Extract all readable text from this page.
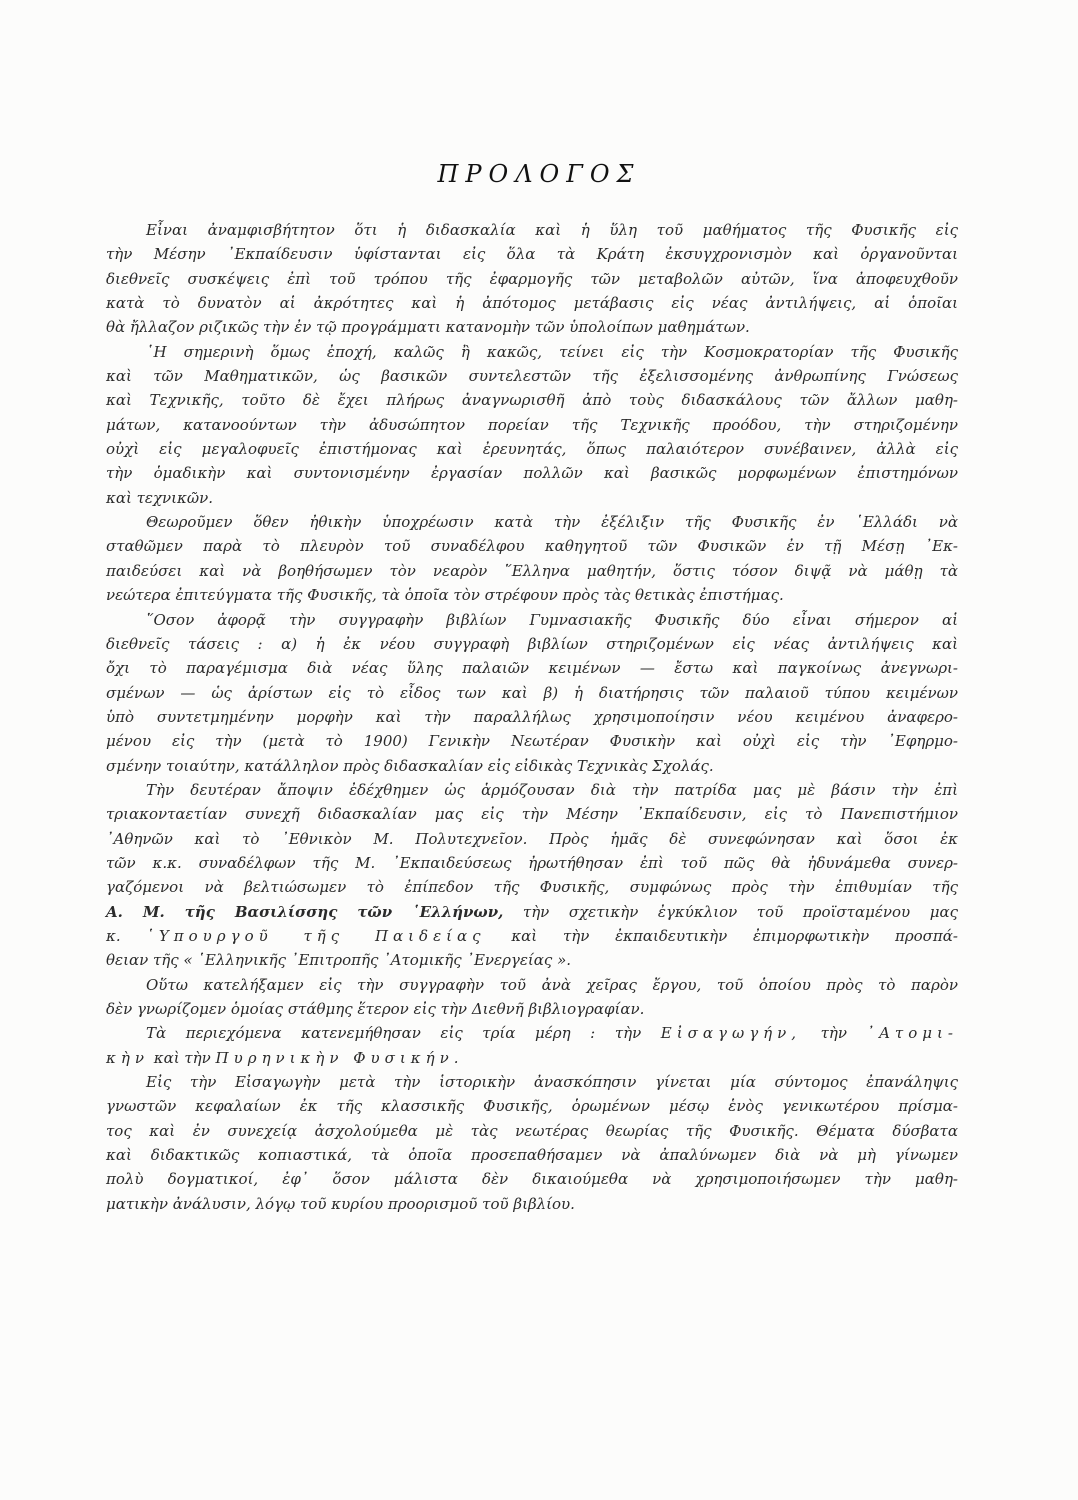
ΠΡΟΛΟΓΟΣ
Εἶναι ἀναμφισβήτητον ὅτι ἡ διδασκαλία καὶ ἡ ὕλη τοῦ μαθήματος τῆς Φυσικῆς εἰς
τὴν Μέσην ᾿Εκπαίδευσιν ὑφίστανται εἰς ὅλα τὰ Κράτη ἐκσυγχρονισμὸν καὶ ὀργανοῦνται
διεθνεῖς συσκέψεις ἐπὶ τοῦ τρόπου τῆς ἐφαρμογῆς τῶν μεταβολῶν αὐτῶν, ἵνα ἀποφευχθοῦν
κατὰ τὸ δυνατὸν αἱ ἀκρότητες καὶ ἡ ἀπότομος μετάβασις εἰς νέας ἀντιλήψεις, αἱ ὁποῖαι
θὰ ἤλλαζον ριζικῶς τὴν ἐν τῷ προγράμματι κατανομὴν τῶν ὑπολοίπων μαθημάτων.
῾Η σημερινὴ ὅμως ἐποχή, καλῶς ἢ κακῶς, τείνει εἰς τὴν Κοσμοκρατορίαν τῆς Φυσικῆς
καὶ τῶν Μαθηματικῶν, ὡς βασικῶν συντελεστῶν τῆς ἐξελισσομένης ἀνθρωπίνης Γνώσεως
καὶ Τεχνικῆς, τοῦτο δὲ ἔχει πλήρως ἀναγνωρισθῆ ἀπὸ τοὺς διδασκάλους τῶν ἄλλων μαθη-
μάτων, κατανοούντων τὴν ἀδυσώπητον πορείαν τῆς Τεχνικῆς προόδου, τὴν στηριζομένην
οὐχὶ εἰς μεγαλοφυεῖς ἐπιστήμονας καὶ ἐρευνητάς, ὅπως παλαιότερον συνέβαινεν, ἀλλὰ εἰς
τὴν ὁμαδικὴν καὶ συντονισμένην ἐργασίαν πολλῶν καὶ βασικῶς μορφωμένων ἐπιστημόνων
καὶ τεχνικῶν.
Θεωροῦμεν ὅθεν ἠθικὴν ὑποχρέωσιν κατὰ τὴν ἐξέλιξιν τῆς Φυσικῆς ἐν ῾Ελλάδι νὰ
σταθῶμεν παρὰ τὸ πλευρὸν τοῦ συναδέλφου καθηγητοῦ τῶν Φυσικῶν ἐν τῇ Μέσῃ ᾿Εκ-
παιδεύσει καὶ νὰ βοηθήσωμεν τὸν νεαρὸν ῞Ελληνα μαθητήν, ὅστις τόσον διψᾷ νὰ μάθῃ τὰ
νεώτερα ἐπιτεύγματα τῆς Φυσικῆς, τὰ ὁποῖα τὸν στρέφουν πρὸς τὰς θετικὰς ἐπιστήμας.
῞Οσον ἀφορᾷ τὴν συγγραφὴν βιβλίων Γυμνασιακῆς Φυσικῆς δύο εἶναι σήμερον αἱ
διεθνεῖς τάσεις : α) ἡ ἐκ νέου συγγραφὴ βιβλίων στηριζομένων εἰς νέας ἀντιλήψεις καὶ
ὄχι τὸ παραγέμισμα διὰ νέας ὕλης παλαιῶν κειμένων — ἔστω καὶ παγκοίνως ἀνεγνωρι-
σμένων — ὡς ἀρίστων εἰς τὸ εἶδος των καὶ β) ἡ διατήρησις τῶν παλαιοῦ τύπου κειμένων
ὑπὸ συντετμημένην μορφὴν καὶ τὴν παραλλήλως χρησιμοποίησιν νέου κειμένου ἀναφερο-
μένου εἰς τὴν (μετὰ τὸ 1900) Γενικὴν Νεωτέραν Φυσικὴν καὶ οὐχὶ εἰς τὴν ᾿Εφηρμο-
σμένην τοιαύτην, κατάλληλον πρὸς διδασκαλίαν εἰς εἰδικὰς Τεχνικὰς Σχολάς.
Τὴν δευτέραν ἄποψιν ἐδέχθημεν ὡς ἁρμόζουσαν διὰ τὴν πατρίδα μας μὲ βάσιν τὴν ἐπὶ
τριακονταετίαν συνεχῆ διδασκαλίαν μας εἰς τὴν Μέσην ᾿Εκπαίδευσιν, εἰς τὸ Πανεπιστήμιον
᾿Αθηνῶν καὶ τὸ ᾿Εθνικὸν Μ. Πολυτεχνεῖον. Πρὸς ἡμᾶς δὲ συνεφώνησαν καὶ ὅσοι ἐκ
τῶν κ.κ. συναδέλφων τῆς Μ. ᾿Εκπαιδεύσεως ἠρωτήθησαν ἐπὶ τοῦ πῶς θὰ ἠδυνάμεθα συνερ-
γαζόμενοι νὰ βελτιώσωμεν τὸ ἐπίπεδον τῆς Φυσικῆς, συμφώνως πρὸς τὴν ἐπιθυμίαν τῆς
Α. Μ. τῆς Βασιλίσσης τῶν ῾Ελλήνων, τὴν σχετικὴν ἐγκύκλιον τοῦ προϊσταμένου μας
κ. ῾Υπουργοῦ τῆς Παιδείας καὶ τὴν ἐκπαιδευτικὴν ἐπιμορφωτικὴν προσπά-
θειαν τῆς « ῾Ελληνικῆς ᾿Επιτροπῆς ᾿Ατομικῆς ᾿Ενεργείας ».
Οὕτω κατελήξαμεν εἰς τὴν συγγραφὴν τοῦ ἀνὰ χεῖρας ἔργου, τοῦ ὁποίου πρὸς τὸ παρὸν
δὲν γνωρίζομεν ὁμοίας στάθμης ἕτερον εἰς τὴν Διεθνῆ βιβλιογραφίαν.
Τὰ περιεχόμενα κατενεμήθησαν εἰς τρία μέρη : τὴν Εἰσαγωγήν, τὴν ᾿Ατομι-
κὴν καὶ τὴν Πυρηνικὴν Φυσικήν.
Εἰς τὴν Εἰσαγωγὴν μετὰ τὴν ἱστορικὴν ἀνασκόπησιν γίνεται μία σύντομος ἐπανάληψις
γνωστῶν κεφαλαίων ἐκ τῆς κλασσικῆς Φυσικῆς, ὁρωμένων μέσῳ ἑνὸς γενικωτέρου πρίσμα-
τος καὶ ἐν συνεχείᾳ ἀσχολούμεθα μὲ τὰς νεωτέρας θεωρίας τῆς Φυσικῆς. Θέματα δύσβατα
καὶ διδακτικῶς κοπιαστικά, τὰ ὁποῖα προσεπαθήσαμεν νὰ ἀπαλύνωμεν διὰ νὰ μὴ γίνωμεν
πολὺ δογματικοί, ἐφ᾿ ὅσον μάλιστα δὲν δικαιούμεθα νὰ χρησιμοποιήσωμεν τὴν μαθη-
ματικὴν ἀνάλυσιν, λόγῳ τοῦ κυρίου προορισμοῦ τοῦ βιβλίου.
